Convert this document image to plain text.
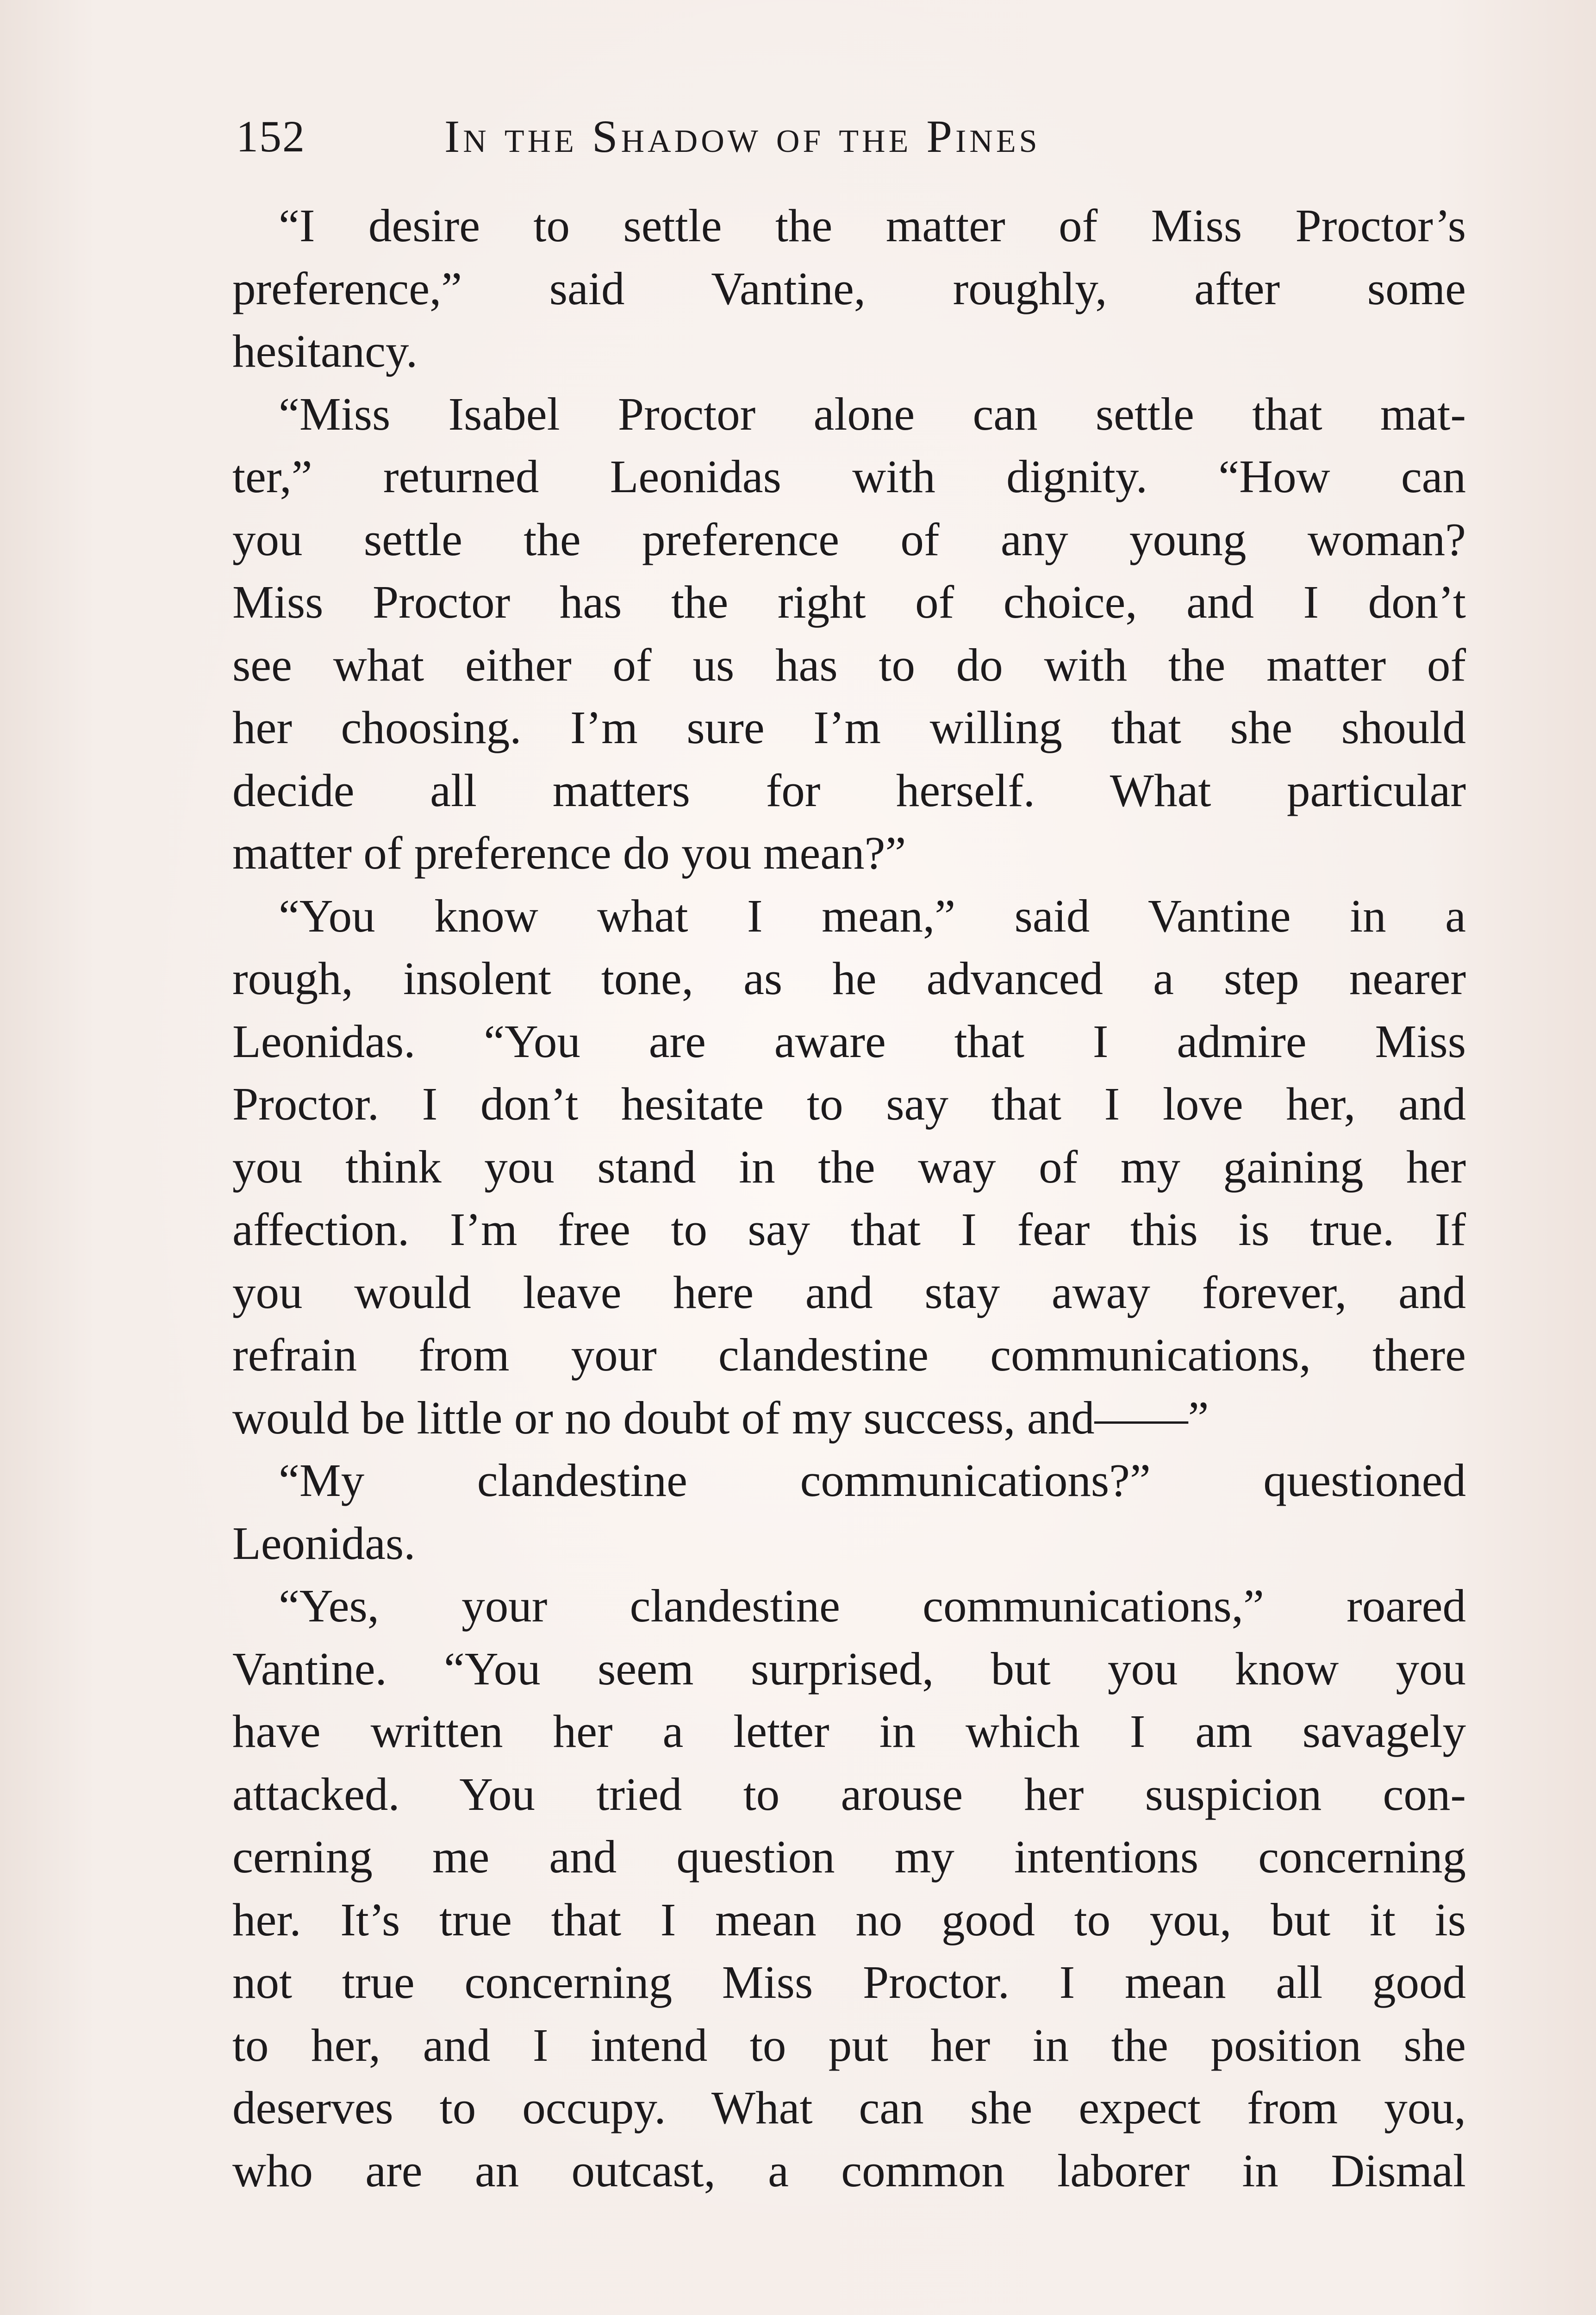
152	In the Shadow of the Pines
“I desire to settle the matter of Miss Proctor’s
preference,” said Vantine, roughly, after some
hesitancy.
“Miss Isabel Proctor alone can settle that mat-
ter,” returned Leonidas with dignity. “How can
you settle the preference of any young woman?
Miss Proctor has the right of choice, and I don’t
see what either of us has to do with the matter of
her choosing. I’m sure I’m willing that she should
decide all matters for herself. What particular
matter of preference do you mean?”
“You know what I mean,” said Vantine in a
rough, insolent tone, as he advanced a step nearer
Leonidas. “You are aware that I admire Miss
Proctor. I don’t hesitate to say that I love her, and
you think you stand in the way of my gaining her
affection. I’m free to say that I fear this is true. If
you would leave here and stay away forever, and
refrain from your clandestine communications, there
would be little or no doubt of my success, and——”
“My clandestine communications?” questioned
Leonidas.
“Yes, your clandestine communications,” roared
Vantine. “You seem surprised, but you know you
have written her a letter in which I am savagely
attacked. You tried to arouse her suspicion con-
cerning me and question my intentions concerning
her. It’s true that I mean no good to you, but it is
not true concerning Miss Proctor. I mean all good
to her, and I intend to put her in the position she
deserves to occupy. What can she expect from you,
who are an outcast, a common laborer in Dismal
